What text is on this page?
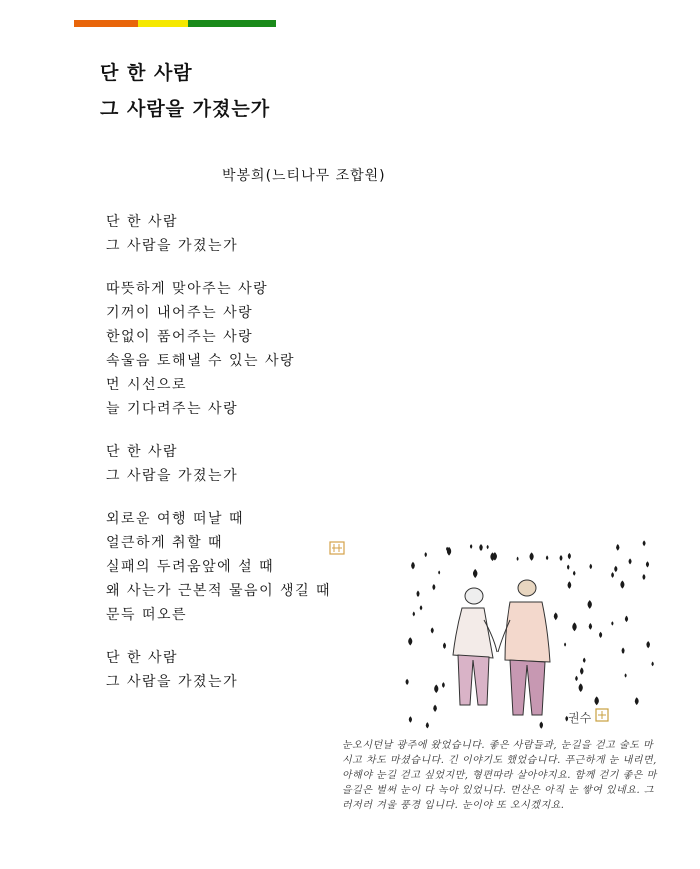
단 한 사람
그 사람을 가졌는가
박봉희(느티나무 조합원)
단 한 사람
그 사람을 가졌는가
따뜻하게 맞아주는 사랑
기꺼이 내어주는 사랑
한없이 품어주는 사랑
속울음 토해낼 수 있는 사랑
먼 시선으로
늘 기다려주는 사랑
단 한 사람
그 사람을 가졌는가
외로운 여행 떠날 때
얼큰하게 취할 때
실패의 두려움앞에 설 때
왜 사는가 근본적 물음이 생길 때
문득 떠오른
단 한 사람
그 사람을 가졌는가
권수
눈오시던날 광주에 왔었습니다. 좋은 사람들과, 눈길을 걷고 술도 마시고 차도 마셨습니다. 긴 이야기도 했었습니다. 푸근하게 눈 내리면, 아해야 눈길 걷고 싶었지만, 형편따라 살아야지요. 함께 걷기 좋은 마을길은 벌써 눈이 다 녹아 있었니다. 먼산은 아직 눈 쌓여 있네요. 그러저러 겨울 풍경 입니다. 눈이야 또 오시겠지요.
